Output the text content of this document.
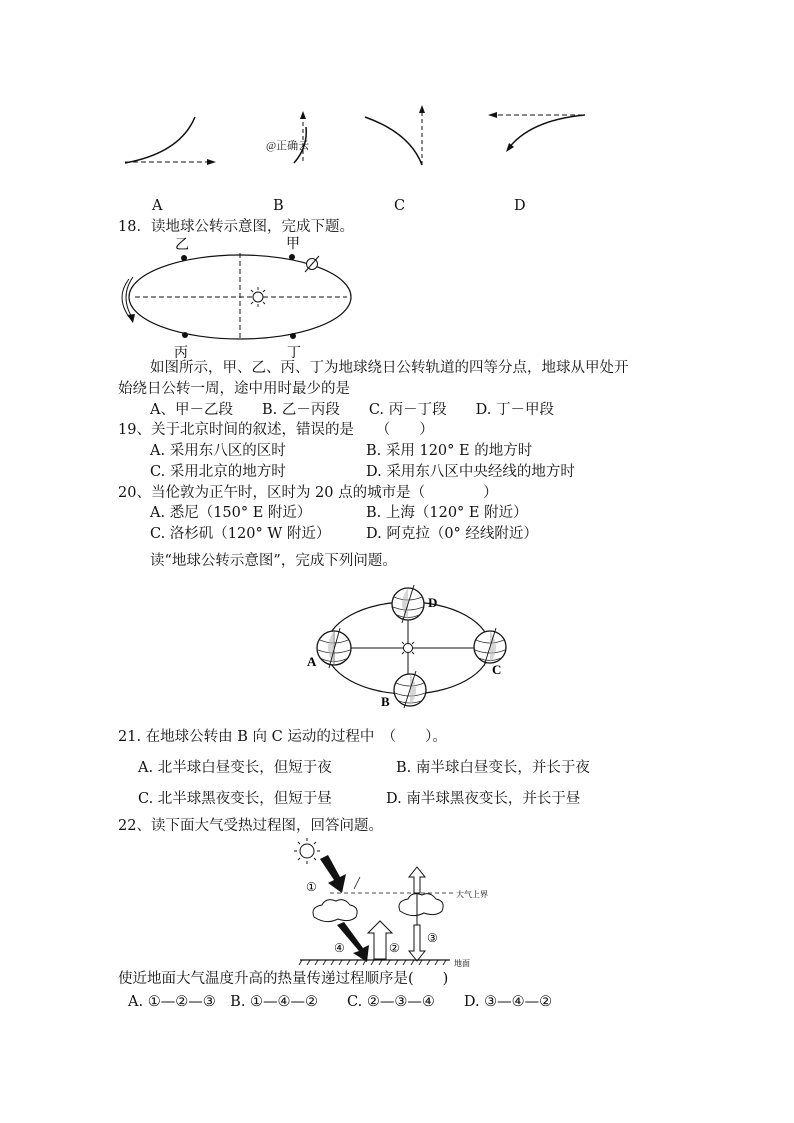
@正确云
A	B	C	D
18．读地球公转示意图，完成下题。
乙	甲
丙	丁
如图所示，甲、乙、丙、丁为地球绕日公转轨道的四等分点，地球从甲处开
始绕日公转一周，途中用时最少的是
A、甲－乙段　　B. 乙－丙段　　C. 丙－丁段　　D. 丁－甲段
19、关于北京时间的叙述，错误的是　　（　　）
A. 采用东八区的区时	B. 采用 120° E 的地方时
C. 采用北京的地方时	D. 采用东八区中央经线的地方时
20、当伦敦为正午时，区时为 20 点的城市是（　　　　）
A. 悉尼（150° E 附近）	B. 上海（120° E 附近）
C. 洛杉矶（120° W 附近） D. 阿克拉（0° 经线附近）
读“地球公转示意图”，完成下列问题。
D
A
C
B
21. 在地球公转由 B 向 C 运动的过程中　（　　）。
A. 北半球白昼变长，但短于夜	B. 南半球白昼变长，并长于夜
C. 北半球黑夜变长，但短于昼	D. 南半球黑夜变长，并长于昼
22、读下面大气受热过程图，回答问题。
①
④	②
③
大气上界
地面
使近地面大气温度升高的热量传递过程顺序是(　　)
A. ①—②—③　B. ①—④—②　　C. ②—③—④　　D. ③—④—②
